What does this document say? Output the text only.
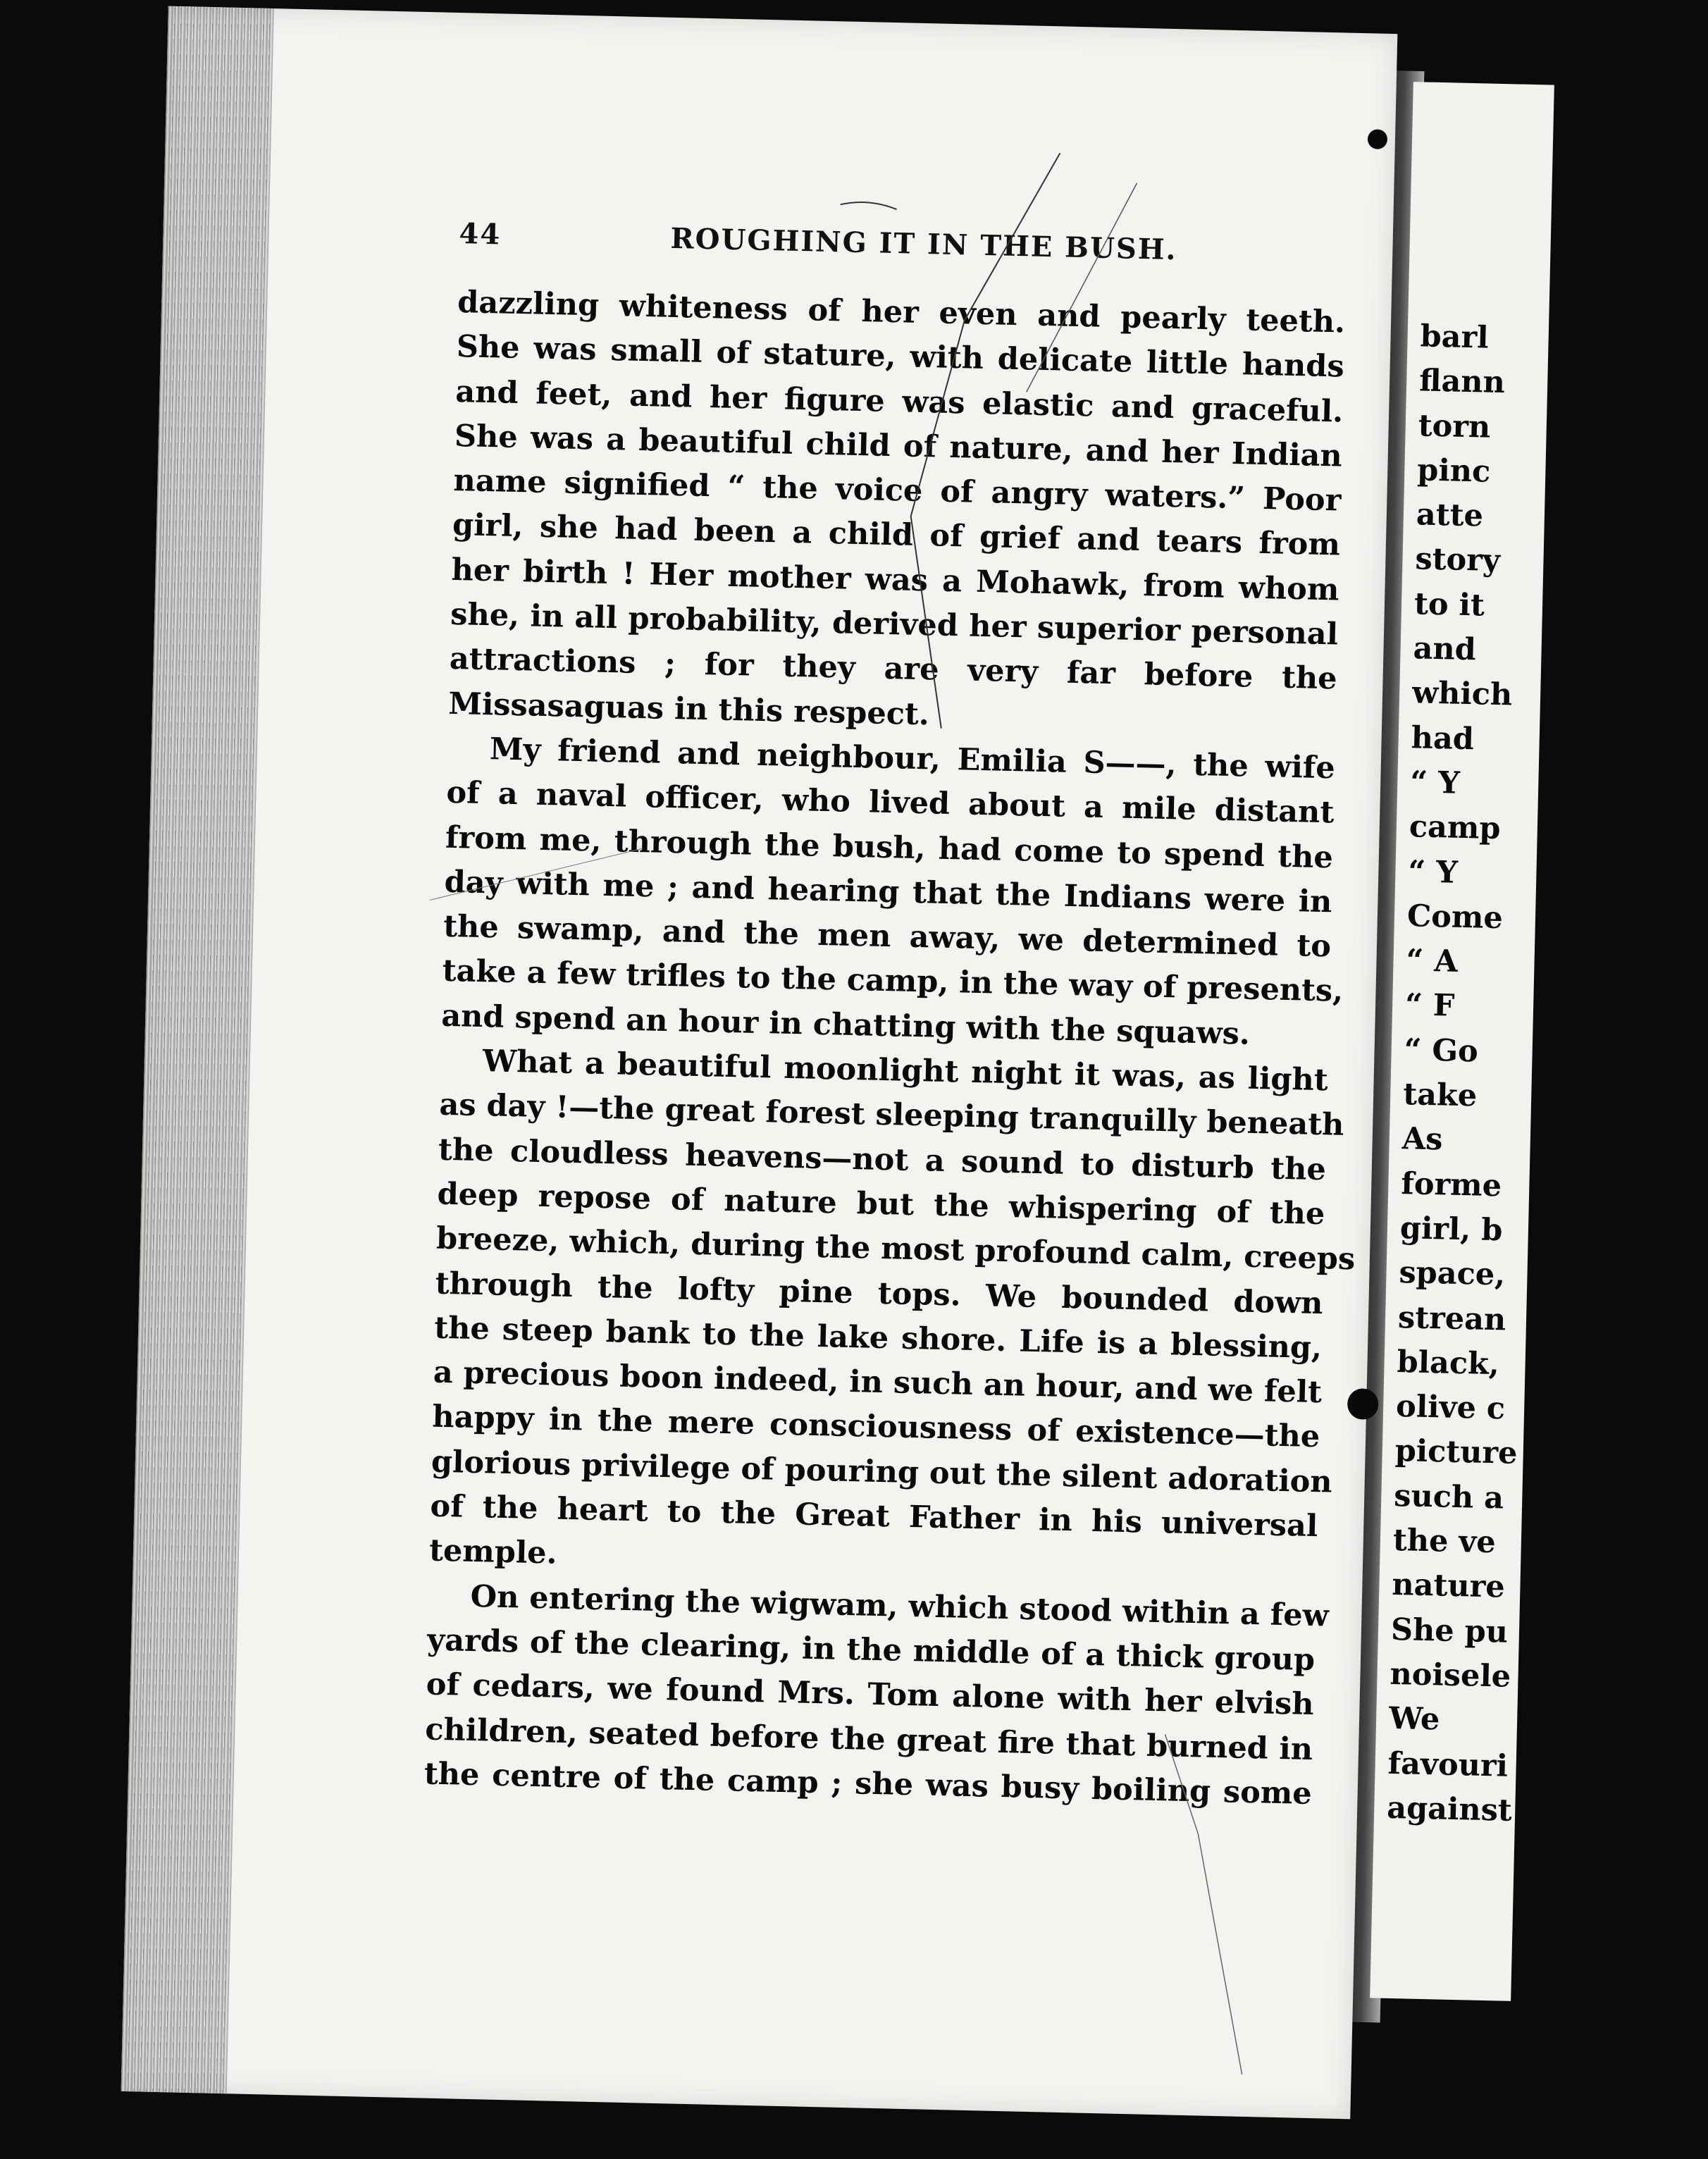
barl
flann
torn
pinc
atte
story
to it
and
which
had
“ Y
camp
“ Y
Come
“ A
“ F
“ Go
take
As
forme
girl, b
space,
strean
black,
olive c
picture
such a
the ve
nature
She pu
noisele
We
favouri
against
44	ROUGHING IT IN THE BUSH.

dazzling whiteness of her even and pearly teeth.
She was small of stature, with delicate little hands
and feet, and her figure was elastic and graceful.
She was a beautiful child of nature, and her Indian
name signified “ the voice of angry waters.” Poor
girl, she had been a child of grief and tears from
her birth ! Her mother was a Mohawk, from whom
she, in all probability, derived her superior personal
attractions ; for they are very far before the
Missasaguas in this respect.

My friend and neighbour, Emilia S——, the wife
of a naval officer, who lived about a mile distant
from me, through the bush, had come to spend the
day with me ; and hearing that the Indians were in
the swamp, and the men away, we determined to
take a few trifles to the camp, in the way of presents,
and spend an hour in chatting with the squaws.

What a beautiful moonlight night it was, as light
as day !—the great forest sleeping tranquilly beneath
the cloudless heavens—not a sound to disturb the
deep repose of nature but the whispering of the
breeze, which, during the most profound calm, creeps
through the lofty pine tops. We bounded down
the steep bank to the lake shore. Life is a blessing,
a precious boon indeed, in such an hour, and we felt
happy in the mere consciousness of existence—the
glorious privilege of pouring out the silent adoration
of the heart to the Great Father in his universal
temple.

On entering the wigwam, which stood within a few
yards of the clearing, in the middle of a thick group
of cedars, we found Mrs. Tom alone with her elvish
children, seated before the great fire that burned in
the centre of the camp ; she was busy boiling some
